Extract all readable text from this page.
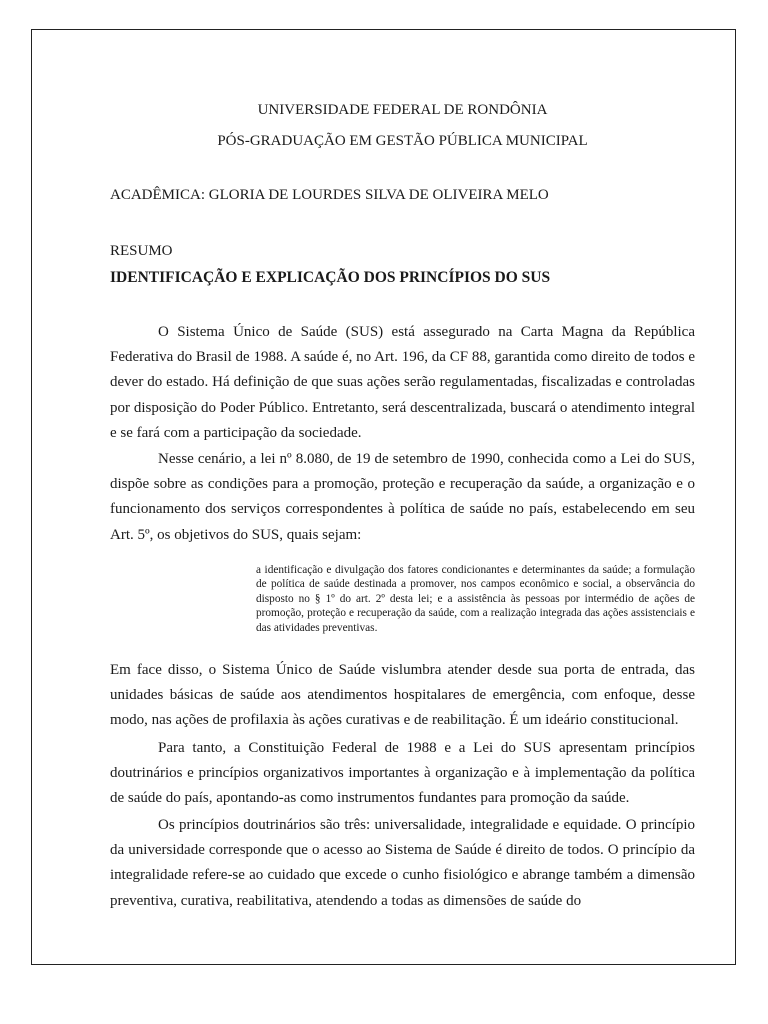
UNIVERSIDADE FEDERAL DE RONDÔNIA
PÓS-GRADUAÇÃO EM GESTÃO PÚBLICA MUNICIPAL
ACADÊMICA: GLORIA DE LOURDES SILVA DE OLIVEIRA MELO
RESUMO
IDENTIFICAÇÃO E EXPLICAÇÃO DOS PRINCÍPIOS DO SUS

O Sistema Único de Saúde (SUS) está assegurado na Carta Magna da República Federativa do Brasil de 1988. A saúde é, no Art. 196, da CF 88, garantida como direito de todos e dever do estado. Há definição de que suas ações serão regulamentadas, fiscalizadas e controladas por disposição do Poder Público. Entretanto, será descentralizada, buscará o atendimento integral e se fará com a participação da sociedade.

Nesse cenário, a lei nº 8.080, de 19 de setembro de 1990, conhecida como a Lei do SUS, dispõe sobre as condições para a promoção, proteção e recuperação da saúde, a organização e o funcionamento dos serviços correspondentes à política de saúde no país, estabelecendo em seu Art. 5º, os objetivos do SUS, quais sejam:

a identificação e divulgação dos fatores condicionantes e determinantes da saúde; a formulação de política de saúde destinada a promover, nos campos econômico e social, a observância do disposto no § 1º do art. 2º desta lei; e a assistência às pessoas por intermédio de ações de promoção, proteção e recuperação da saúde, com a realização integrada das ações assistenciais e das atividades preventivas.

Em face disso, o Sistema Único de Saúde vislumbra atender desde sua porta de entrada, das unidades básicas de saúde aos atendimentos hospitalares de emergência, com enfoque, desse modo, nas ações de profilaxia às ações curativas e de reabilitação. É um ideário constitucional.

Para tanto, a Constituição Federal de 1988 e a Lei do SUS apresentam princípios doutrinários e princípios organizativos importantes à organização e à implementação da política de saúde do país, apontando-as como instrumentos fundantes para promoção da saúde.

Os princípios doutrinários são três: universalidade, integralidade e equidade. O princípio da universidade corresponde que o acesso ao Sistema de Saúde é direito de todos. O princípio da integralidade refere-se ao cuidado que excede o cunho fisiológico e abrange também a dimensão preventiva, curativa, reabilitativa, atendendo a todas as dimensões de saúde do
